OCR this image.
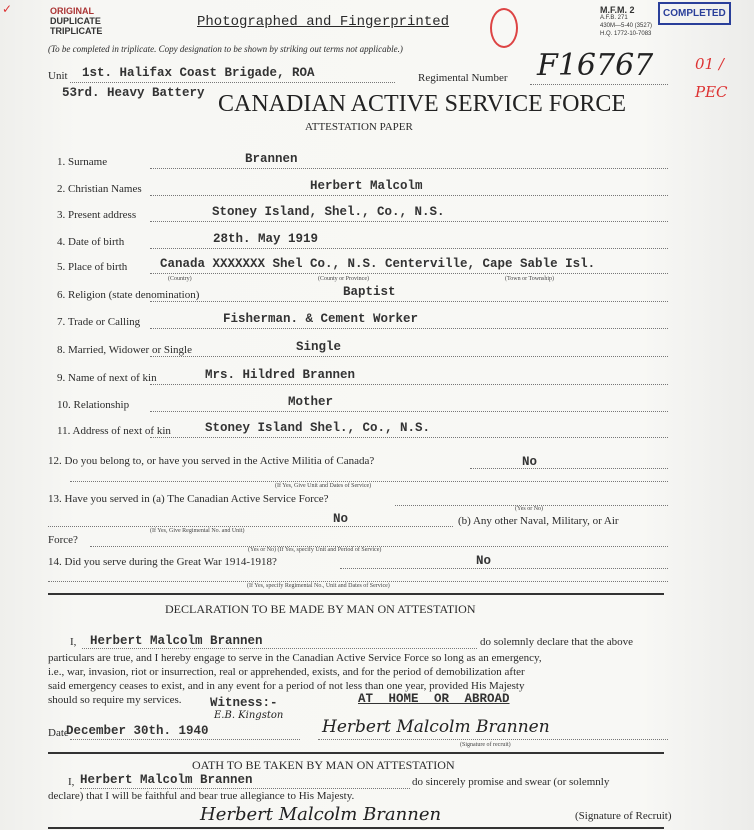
✓	ORIGINAL
DUPLICATE
TRIPLICATE
Photographed and Fingerprinted
M.F.M. 2
A.F.B. 271
430M—5-40 (3527)
H.Q. 1772-10-7083
COMPLETED
01 / PEC
(To be completed in triplicate. Copy designation to be shown by striking out terms not applicable.)
Unit 1st. Halifax Coast Brigade, ROA
53rd. Heavy Battery
Regimental Number F16767
CANADIAN ACTIVE SERVICE FORCE
ATTESTATION PAPER
1. Surname	Brannen
2. Christian Names	Herbert Malcolm
3. Present address	Stoney Island, Shel., Co., N.S.
4. Date of birth	28th. May 1919
5. Place of birth	Canada XXXXXXX Shel Co., N.S. Centerville, Cape Sable Isl.
6. Religion (state denomination)	Baptist
7. Trade or Calling	Fisherman. & Cement Worker
8. Married, Widower or Single	Single
9. Name of next of kin	Mrs. Hildred Brannen
10. Relationship	Mother
11. Address of next of kin	Stoney Island Shel., Co., N.S.
(Country)	(County or Province)	(Town or Township)
12. Do you belong to, or have you served in the Active Militia of Canada?	No
(If Yes, Give Unit and Dates of Service)
13. Have you served in (a) The Canadian Active Service Force?
(Yes or No)
No	(b) Any other Naval, Military, or Air
(If Yes, Give Regimental No. and Unit)
Force?
(Yes or No) (If Yes, specify Unit and Period of Service)
14. Did you serve during the Great War 1914-1918?	No
(If Yes, specify Regimental No., Unit and Dates of Service)
DECLARATION TO BE MADE BY MAN ON ATTESTATION
I, Herbert Malcolm Brannen	do solemnly declare that the above
particulars are true, and I hereby engage to serve in the Canadian Active Service Force so long as an emergency,
i.e., war, invasion, riot or insurrection, real or apprehended, exists, and for the period of demobilization after
said emergency ceases to exist, and in any event for a period of not less than one year, provided His Majesty
should so require my services.	Witness:-	AT HOME OR ABROAD
E.B. Kingston
Date
December 30th. 1940	Herbert Malcolm Brannen
(Signature of recruit)
OATH TO BE TAKEN BY MAN ON ATTESTATION
I, Herbert Malcolm Brannen	do sincerely promise and swear (or solemnly
declare) that I will be faithful and bear true allegiance to His Majesty.
Herbert Malcolm Brannen	(Signature of Recruit)
